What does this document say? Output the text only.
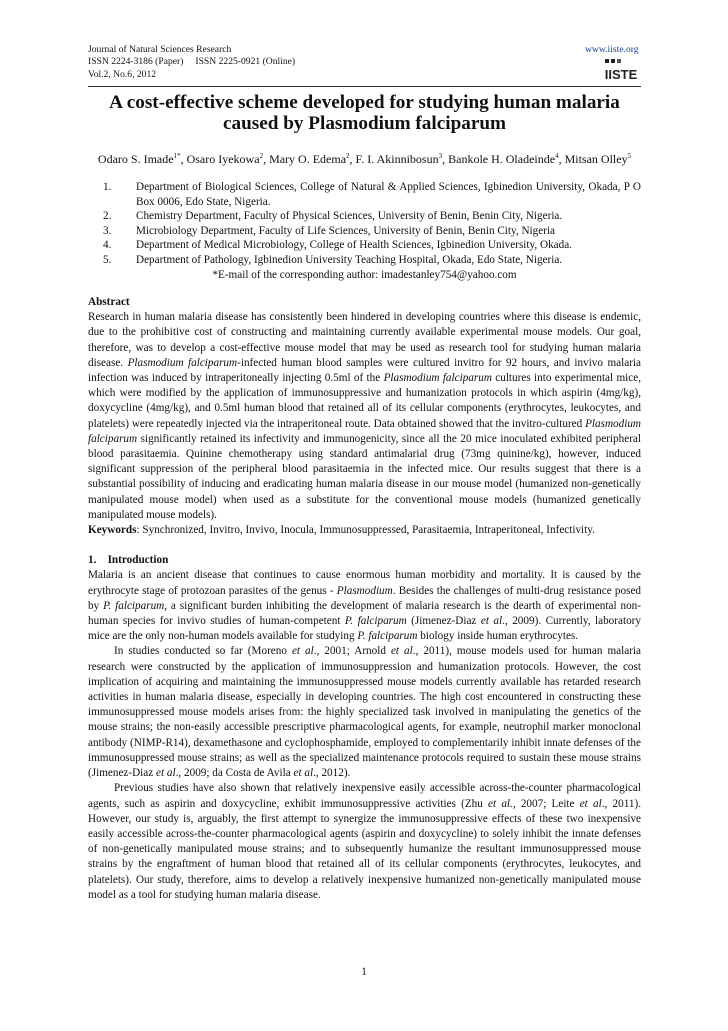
Journal of Natural Sciences Research
ISSN 2224-3186 (Paper) ISSN 2225-0921 (Online)
Vol.2, No.6, 2012
www.iiste.org
IISTE
A cost-effective scheme developed for studying human malaria caused by Plasmodium falciparum
Odaro S. Imade$^{1*}$, Osaro Iyekowa$^2$, Mary O. Edema$^2$, F. I. Akinnibosun$^3$, Bankole H. Oladeinde$^4$, Mitsan Olley$^5$
1.	Department of Biological Sciences, College of Natural & Applied Sciences, Igbinedion University, Okada, P O Box 0006, Edo State, Nigeria.
2.	Chemistry Department, Faculty of Physical Sciences, University of Benin, Benin City, Nigeria.
3.	Microbiology Department, Faculty of Life Sciences, University of Benin, Benin City, Nigeria
4.	Department of Medical Microbiology, College of Health Sciences, Igbinedion University, Okada.
5.	Department of Pathology, Igbinedion University Teaching Hospital, Okada, Edo State, Nigeria.
*E-mail of the corresponding author: imadestanley754@yahoo.com

Abstract

Research in human malaria disease has consistently been hindered in developing countries where this disease is endemic, due to the prohibitive cost of constructing and maintaining currently available experimental mouse models. Our goal, therefore, was to develop a cost-effective mouse model that may be used as research tool for studying human malaria disease. Plasmodium falciparum-infected human blood samples were cultured invitro for 92 hours, and invivo malaria infection was induced by intraperitoneally injecting 0.5ml of the Plasmodium falciparum cultures into experimental mice, which were modified by the application of immunosuppressive and humanization protocols in which aspirin (4mg/kg), doxycycline (4mg/kg), and 0.5ml human blood that retained all of its cellular components (erythrocytes, leukocytes, and platelets) were repeatedly injected via the intraperitoneal route. Data obtained showed that the invitro-cultured Plasmodium falciparum significantly retained its infectivity and immunogenicity, since all the 20 mice inoculated exhibited peripheral blood parasitaemia. Quinine chemotherapy using standard antimalarial drug (73mg quinine/kg), however, induced significant suppression of the peripheral blood parasitaemia in the infected mice. Our results suggest that there is a substantial possibility of inducing and eradicating human malaria disease in our mouse model (humanized non-genetically manipulated mouse model) when used as a substitute for the conventional mouse models (humanized genetically manipulated mouse models).

Keywords: Synchronized, Invitro, Invivo, Inocula, Immunosuppressed, Parasitaemia, Intraperitoneal, Infectivity.

1. Introduction

Malaria is an ancient disease that continues to cause enormous human morbidity and mortality. It is caused by the erythrocyte stage of protozoan parasites of the genus - Plasmodium. Besides the challenges of multi-drug resistance posed by P. falciparum, a significant burden inhibiting the development of malaria research is the dearth of experimental non-human species for invivo studies of human-competent P. falciparum (Jimenez-Diaz et al., 2009). Currently, laboratory mice are the only non-human models available for studying P. falciparum biology inside human erythrocytes.

In studies conducted so far (Moreno et al., 2001; Arnold et al., 2011), mouse models used for human malaria research were constructed by the application of immunosuppression and humanization protocols. However, the cost implication of acquiring and maintaining the immunosuppressed mouse models currently available has retarded research activities in human malaria disease, especially in developing countries. The high cost encountered in constructing these immunosuppressed mouse models arises from: the highly specialized task involved in manipulating the genetics of the mouse strains; the non-easily accessible prescriptive pharmacological agents, for example, neutrophil marker monoclonal antibody (NIMP-R14), dexamethasone and cyclophosphamide, employed to complementarily inhibit innate defenses of the immunosuppressed mouse strains; as well as the specialized maintenance protocols required to sustain these mouse strains (Jimenez-Diaz et al., 2009; da Costa de Avila et al., 2012).

Previous studies have also shown that relatively inexpensive easily accessible across-the-counter pharmacological agents, such as aspirin and doxycycline, exhibit immunosuppressive activities (Zhu et al., 2007; Leite et al., 2011). However, our study is, arguably, the first attempt to synergize the immunosuppressive effects of these two inexpensive easily accessible across-the-counter pharmacological agents (aspirin and doxycycline) to solely inhibit the innate defenses of non-genetically manipulated mouse strains; and to subsequently humanize the resultant immunosuppressed mouse strains by the engraftment of human blood that retained all of its cellular components (erythrocytes, leukocytes, and platelets). Our study, therefore, aims to develop a relatively inexpensive humanized non-genetically manipulated mouse model as a tool for studying human malaria disease.

1
